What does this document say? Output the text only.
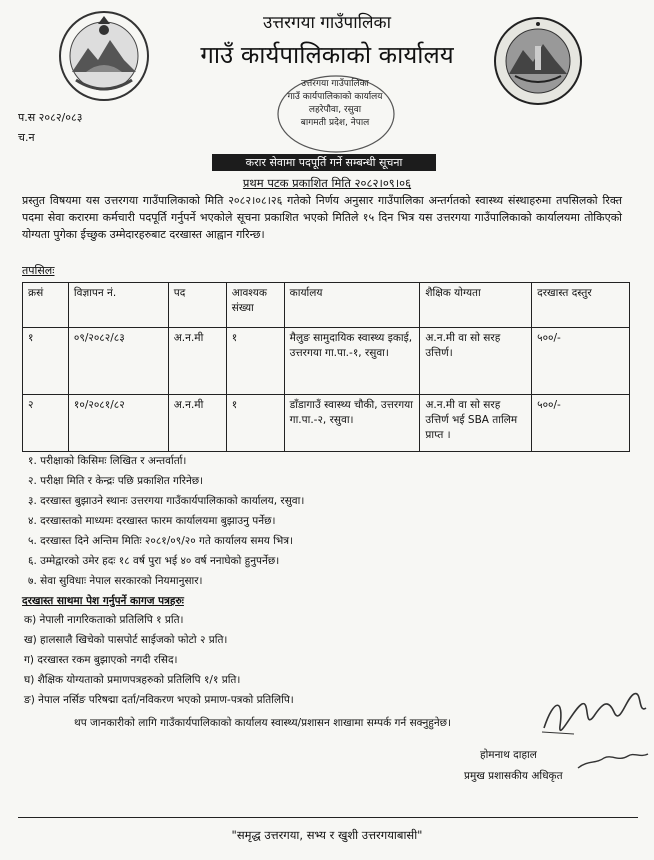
उत्तरगया गाउँपालिका
गाउँ कार्यपालिकाको कार्यालय
उत्तरगया गाउँपालिका
गाउँ कार्यपालिकाको कार्यालय
लहरेपौवा, रसुवा
बागमती प्रदेश, नेपाल
प.स २०८२/०८३
च.न
करार सेवामा पदपूर्ति गर्ने सम्बन्धी सूचना
प्रथम पटक प्रकाशित मिति २०८२।०९।०६
प्रस्तुत विषयमा यस उत्तरगया गाउँपालिकाको मिति २०८२।०८।२६ गतेको निर्णय अनुसार गाउँपालिका अन्तर्गतको स्वास्थ्य संस्थाहरुमा तपसिलको रिक्त पदमा सेवा करारमा कर्मचारी पदपूर्ति गर्नुपर्ने भएकोले सूचना प्रकाशित भएको मितिले १५ दिन भित्र यस उत्तरगया गाउँपालिकाको कार्यालयमा तोकिएको योग्यता पुगेका ईच्छुक उम्मेदारहरुबाट दरखास्त आह्वान गरिन्छ।
तपसिलः
क्रसं	विज्ञापन नं.	पद	आवश्यक संख्या	कार्यालय	शैक्षिक योग्यता	दरखास्त दस्तुर
१	०९/२०८२/८३	अ.न.मी	१	मैलुङ सामुदायिक स्वास्थ्य इकाई, उत्तरगया गा.पा.-१, रसुवा।	अ.न.मी वा सो सरह उत्तिर्ण।	५००/-
२	१०/२०८१/८२	अ.न.मी	१	डाँडागाउँ स्वास्थ्य चौकी, उत्तरगया गा.पा.-२, रसुवा।	अ.न.मी वा सो सरह उत्तिर्ण भई SBA तालिम प्राप्त ।	५००/-
१. परीक्षाको किसिमः लिखित र अन्तर्वार्ता।
२. परीक्षा मिति र केन्द्रः पछि प्रकाशित गरिनेछ।
३. दरखास्त बुझाउने स्थानः उत्तरगया गाउँकार्यपालिकाको कार्यालय, रसुवा।
४. दरखास्तको माध्यमः दरखास्त फारम कार्यालयमा बुझाउनु पर्नेछ।
५. दरखास्त दिने अन्तिम मितिः २०८१/०९/२० गते कार्यालय समय भित्र।
६. उम्मेद्वारको उमेर हदः १८ वर्ष पुरा भई ४० वर्ष ननाघेको हुनुपर्नेछ।
७. सेवा सुविधाः नेपाल सरकारको नियमानुसार।
दरखास्त साथमा पेश गर्नुपर्ने कागज पत्रहरुः
क) नेपाली नागरिकताको प्रतिलिपि १ प्रति।
ख) हालसालै खिचेको पासपोर्ट साईजको फोटो २ प्रति।
ग) दरखास्त रकम बुझाएको नगदी रसिद।
घ) शैक्षिक योग्यताको प्रमाणपत्रहरुको प्रतिलिपि १/१ प्रति।
ङ) नेपाल नर्सिङ परिषद्मा दर्ता/नविकरण भएको प्रमाण-पत्रको प्रतिलिपि।
थप जानकारीको लागि गाउँकार्यपालिकाको कार्यालय स्वास्थ्य/प्रशासन शाखामा सम्पर्क गर्न सक्नुहुनेछ।
होमनाथ दाहाल
प्रमुख प्रशासकीय अधिकृत
"समृद्ध उत्तरगया, सभ्य र खुशी उत्तरगयाबासी"
